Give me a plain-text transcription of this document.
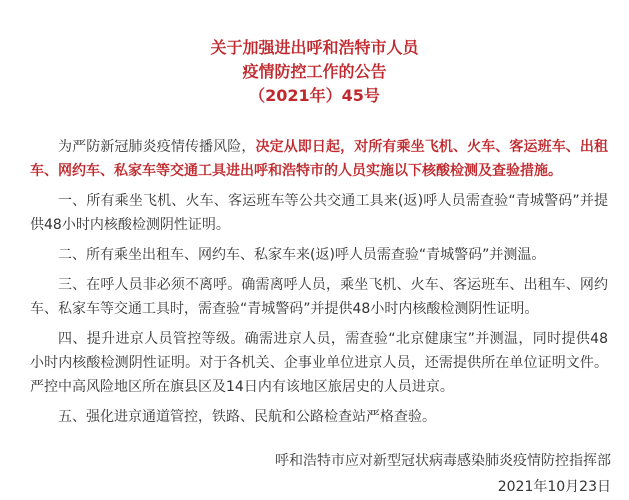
关于加强进出呼和浩特市人员
疫情防控工作的公告
（2021年）45号

为严防新冠肺炎疫情传播风险，决定从即日起，对所有乘坐飞机、火车、客运班车、出租车、网约车、私家车等交通工具进出呼和浩特市的人员实施以下核酸检测及查验措施。

一、所有乘坐飞机、火车、客运班车等公共交通工具来(返)呼人员需查验“青城警码”并提供48小时内核酸检测阴性证明。

二、所有乘坐出租车、网约车、私家车来(返)呼人员需查验“青城警码”并测温。

三、在呼人员非必须不离呼。确需离呼人员，乘坐飞机、火车、客运班车、出租车、网约车、私家车等交通工具时，需查验“青城警码”并提供48小时内核酸检测阴性证明。

四、提升进京人员管控等级。确需进京人员，需查验“北京健康宝”并测温，同时提供48小时内核酸检测阴性证明。对于各机关、企事业单位进京人员，还需提供所在单位证明文件。严控中高风险地区所在旗县区及14日内有该地区旅居史的人员进京。

五、强化进京通道管控，铁路、民航和公路检查站严格查验。

呼和浩特市应对新型冠状病毒感染肺炎疫情防控指挥部
2021年10月23日
